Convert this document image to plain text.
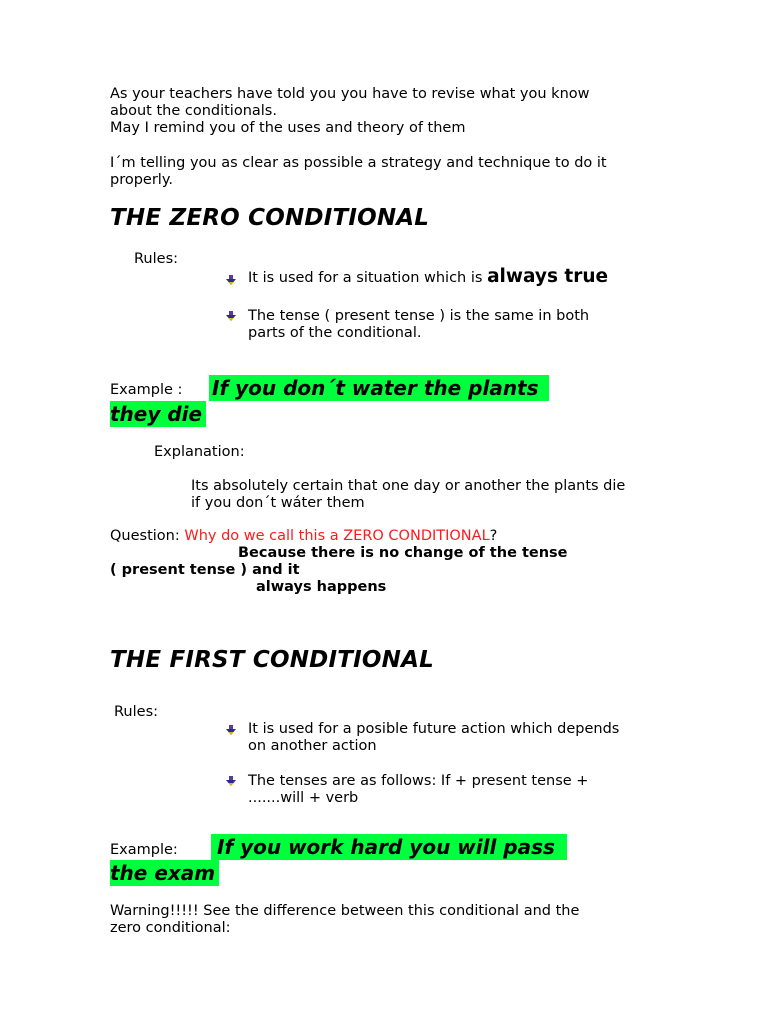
As your teachers have told you you have to revise what you know
about the conditionals.
May I remind you of the uses and theory of them
I´m telling you as clear as possible a strategy and technique to do it
properly.
THE ZERO CONDITIONAL
Rules:
It is used for a situation which is always true
The tense ( present tense ) is the same in both
parts of the conditional.
Example : If you don´t water the plants
they die
Explanation:
Its absolutely certain that one day or another the plants die
if you don´t wáter them
Question: Why do we call this a ZERO CONDITIONAL?
Because there is no change of the tense
( present tense ) and it
always happens
THE FIRST CONDITIONAL
Rules:
It is used for a posible future action which depends
on another action
The tenses are as follows: If + present tense +
.......will + verb
Example:	If you work hard you will pass
the exam
Warning!!!!! See the difference between this conditional and the
zero conditional:
